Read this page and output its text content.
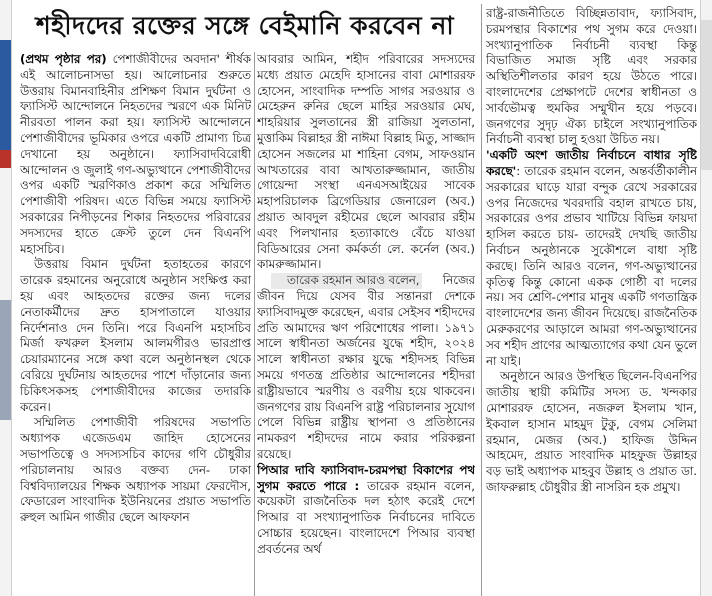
শহীদদের রক্তের সঙ্গে বেইমানি করবেন না

(প্রথম পৃষ্ঠার পর) পেশাজীবীদের অবদান' শীর্ষক এই আলোচনাসভা হয়। আলোচনার শুরুতে উত্তরায় বিমানবাহিনীর প্রশিক্ষণ বিমান দুর্ঘটনা ও ফ্যাসিস্ট আন্দোলনে নিহতদের স্মরণে এক মিনিট নীরবতা পালন করা হয়। ফ্যাসিস্ট আন্দোলনে পেশাজীবীদের ভূমিকার ওপরে একটি প্রামাণ্য চিত্র দেখানো হয় অনুষ্ঠানে। ফ্যাসিবাদবিরোধী আন্দোলন ও জুলাই গণ-অভ্যুত্থানে পেশাজীবীদের ওপর একটি স্মরণিকাও প্রকাশ করে সম্মিলিত পেশাজীবী পরিষদ। এতে বিভিন্ন সময়ে ফ্যাসিস্ট সরকারের নিপীড়নের শিকার নিহতদের পরিবারের সদস্যদের হাতে ক্রেস্ট তুলে দেন বিএনপি মহাসচিব।

উত্তরায় বিমান দুর্ঘটনা হতাহতের কারণে তারেক রহমানের অনুরোধে অনুষ্ঠান সংক্ষিপ্ত করা হয় এবং আহতদের রক্তের জন্য দলের নেতাকর্মীদের দ্রুত হাসপাতালে যাওয়ার নির্দেশনাও দেন তিনি। পরে বিএনপি মহাসচিব মির্জা ফখরুল ইসলাম আলমগীরও ভারপ্রাপ্ত চেয়ারম্যানের সঙ্গে কথা বলে অনুষ্ঠানস্থল থেকে বেরিয়ে দুর্ঘটনায় আহতদের পাশে দাঁড়ানোর জন্য চিকিৎসকসহ পেশাজীবীদের কাজের তদারকি করেন।

সম্মিলিত পেশাজীবী পরিষদের সভাপতি অধ্যাপক এজেডএম জাহিদ হোসেনের সভাপতিত্বে ও সদস্যসচিব কাদের গণি চৌধুরীর পরিচালনায় আরও বক্তব্য দেন- ঢাকা বিশ্ববিদ্যালয়ের শিক্ষক অধ্যাপক সায়মা ফেরদৌস, ফেডারেল সাংবাদিক ইউনিয়নের প্রয়াত সভাপতি রুহুল আমিন গাজীর ছেলে আফফান

আবরার আমিন, শহীদ পরিবারের সদস্যদের মধ্যে প্রয়াত মেহেদি হাসানের বাবা মোশাররফ হোসেন, সাংবাদিক দম্পতি সাগর সরওয়ার ও মেহেরুন রুনির ছেলে মাহির সরওয়ার মেঘ, শাহরিয়ার সুলতানের স্ত্রী রাজিয়া সুলতানা, মুত্তাকিম বিল্লাহর স্ত্রী নাঈমা বিল্লাহ মিতু, সাজ্জাদ হোসেন সজলের মা শাহিনা বেগম, সাফওয়ান আখতারের বাবা আখতারুজ্জামান, জাতীয় গোয়েন্দা সংস্থা এনএসআইয়ের সাবেক মহাপরিচালক ব্রিগেডিয়ার জেনারেল (অব.) প্রয়াত আবদুল রহীমের ছেলে আবরার রহীম এবং পিলখানার হত্যাকাণ্ডে বেঁচে যাওয়া বিডিআরের সেনা কর্মকর্তা লে. কর্নেল (অব.) কামরুজ্জামান।

তারেক রহমান আরও বলেন, নিজের জীবন দিয়ে যেসব বীর সন্তানরা দেশকে ফ্যাসিবাদমুক্ত করেছেন, এবার সেইসব শহীদদের প্রতি আমাদের ঋণ পরিশোধের পালা। ১৯৭১ সালে স্বাধীনতা অর্জনের যুদ্ধে শহীদ, ২০২৪ সালে স্বাধীনতা রক্ষার যুদ্ধে শহীদসহ বিভিন্ন সময়ে গণতন্ত্র প্রতিষ্ঠার আন্দোলনের শহীদরা রাষ্ট্রীয়ভাবে স্মরণীয় ও বরণীয় হয়ে থাকবেন। জনগণের রায় বিএনপি রাষ্ট্র পরিচালনার সুযোগ পেলে বিভিন্ন রাষ্ট্রীয় স্থাপনা ও প্রতিষ্ঠানের নামকরণ শহীদদের নামে করার পরিকল্পনা রয়েছে।

পিআর দাবি ফ্যাসিবাদ-চরমপন্থা বিকাশের পথ সুগম করতে পারে : তারেক রহমান বলেন, কয়েকটা রাজনৈতিক দল হঠাৎ করেই দেশে পিআর বা সংখ্যানুপাতিক নির্বাচনের দাবিতে সোচ্চার হয়েছেন। বাংলাদেশে পিআর ব্যবস্থা প্রবর্তনের অর্থ

রাষ্ট্র-রাজনীতিতে বিচ্ছিন্নতাবাদ, ফ্যাসিবাদ, চরমপন্থার বিকাশের পথ সুগম করে দেওয়া। সংখ্যানুপাতিক নির্বাচনী ব্যবস্থা কিন্তু বিভাজিত সমাজ সৃষ্টি এবং সরকার অস্থিতিশীলতার কারণ হয়ে উঠতে পারে। বাংলাদেশের প্রেক্ষাপটে দেশের স্বাধীনতা ও সার্বভৌমত্ব হুমকির সম্মুখীন হয়ে পড়বে। জনগণের সুদৃঢ় ঐক্য চাইলে সংখ্যানুপাতিক নির্বাচনী ব্যবস্থা চালু হওয়া উচিত নয়।

'একটি অংশ জাতীয় নির্বাচনে বাধার সৃষ্টি করছে': তারেক রহমান বলেন, অন্তর্বর্তীকালীন সরকারের ঘাড়ে যারা বন্দুক রেখে সরকারের ওপর নিজেদের খবরদারি বহাল রাখতে চায়, সরকারের ওপর প্রভাব খাটিয়ে বিভিন্ন ফায়দা হাসিল করতে চায়- তাদেরই দেখছি জাতীয় নির্বাচন অনুষ্ঠানকে সুকৌশলে বাধা সৃষ্টি করছে। তিনি আরও বলেন, গণ-অভ্যুত্থানের কৃতিত্ব কিন্তু কোনো একক গোষ্ঠী বা দলের নয়। সব শ্রেণি-পেশার মানুষ একটি গণতান্ত্রিক বাংলাদেশের জন্য জীবন দিয়েছে। রাজনৈতিক মেরুকরণের আড়ালে আমরা গণ-অভ্যুত্থানের সব শহীদ প্রাণের আত্মত্যাগের কথা যেন ভুলে না যাই।

অনুষ্ঠানে আরও উপস্থিত ছিলেন-বিএনপির জাতীয় স্থায়ী কমিটির সদস্য ড. খন্দকার মোশাররফ হোসেন, নজরুল ইসলাম খান, ইকবাল হাসান মাহমুদ টুকু, বেগম সেলিমা রহমান, মেজর (অব.) হাফিজ উদ্দিন আহমেদ, প্রয়াত সাংবাদিক মাহফুজ উল্লাহর বড় ভাই অধ্যাপক মাহবুব উল্লাহ ও প্রয়াত ডা. জাফরুল্লাহ চৌধুরীর স্ত্রী নাসরিন হক প্রমুখ।
